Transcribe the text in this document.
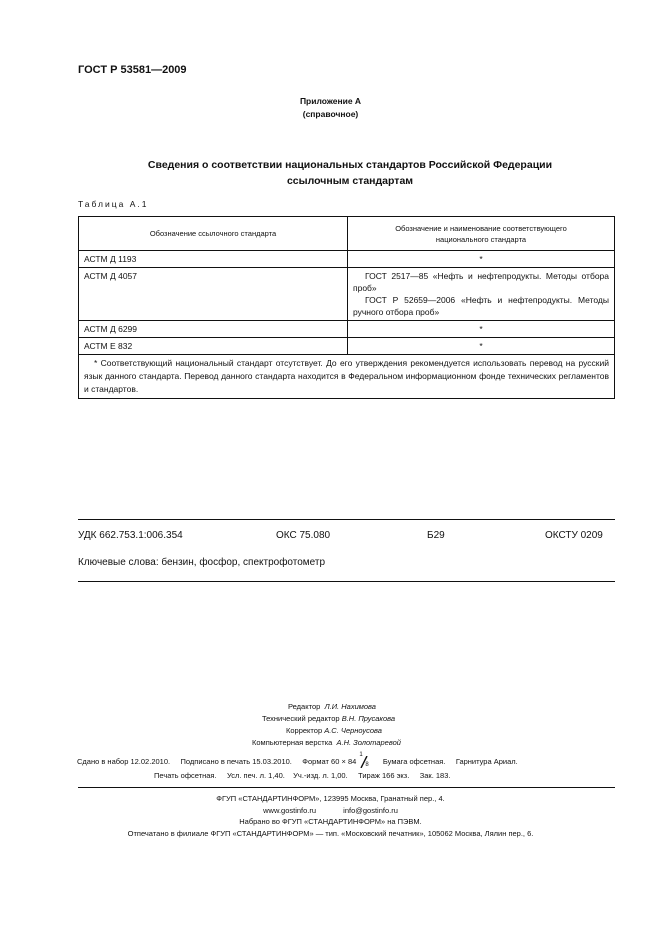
ГОСТ Р 53581—2009
Приложение А
(справочное)
Сведения о соответствии национальных стандартов Российской Федерации
ссылочным стандартам
Таблица А.1
Обозначение ссылочного стандарта	Обозначение и наименование соответствующего
национального стандарта
АСТМ Д 1193	*
АСТМ Д 4057	ГОСТ 2517—85 «Нефть и нефтепродукты. Методы отбора проб»
ГОСТ Р 52659—2006 «Нефть и нефтепродукты. Методы ручного отбора проб»

АСТМ Д 6299	*
АСТМ Е 832	*
* Соответствующий национальный стандарт отсутствует. До его утверждения рекомендуется использовать перевод на русский язык данного стандарта. Перевод данного стандарта находится в Федеральном информационном фонде технических регламентов и стандартов.	
УДК 662.753.1:006.354	ОКС 75.080	Б29	ОКСТУ 0209
Ключевые слова: бензин, фосфор, спектрофотометр
Редактор Л.И. Нахимова
Технический редактор В.Н. Прусакова
Корректор А.С. Черноусова
Компьютерная верстка А.Н. Золотаревой
Сдано в набор 12.02.2010. Подписано в печать 15.03.2010. Формат 60 × 84
1
8 Бумага офсетная. Гарнитура Ариал.
Печать офсетная. Усл. печ. л. 1,40. Уч.-изд. л. 1,00. Тираж 166 экз. Зак. 183.
ФГУП «СТАНДАРТИНФОРМ», 123995 Москва, Гранатный пер., 4.
www.gostinfo.ru	info@gostinfo.ru
Набрано во ФГУП «СТАНДАРТИНФОРМ» на ПЭВМ.
Отпечатано в филиале ФГУП «СТАНДАРТИНФОРМ» — тип. «Московский печатник», 105062 Москва, Лялин пер., 6.
